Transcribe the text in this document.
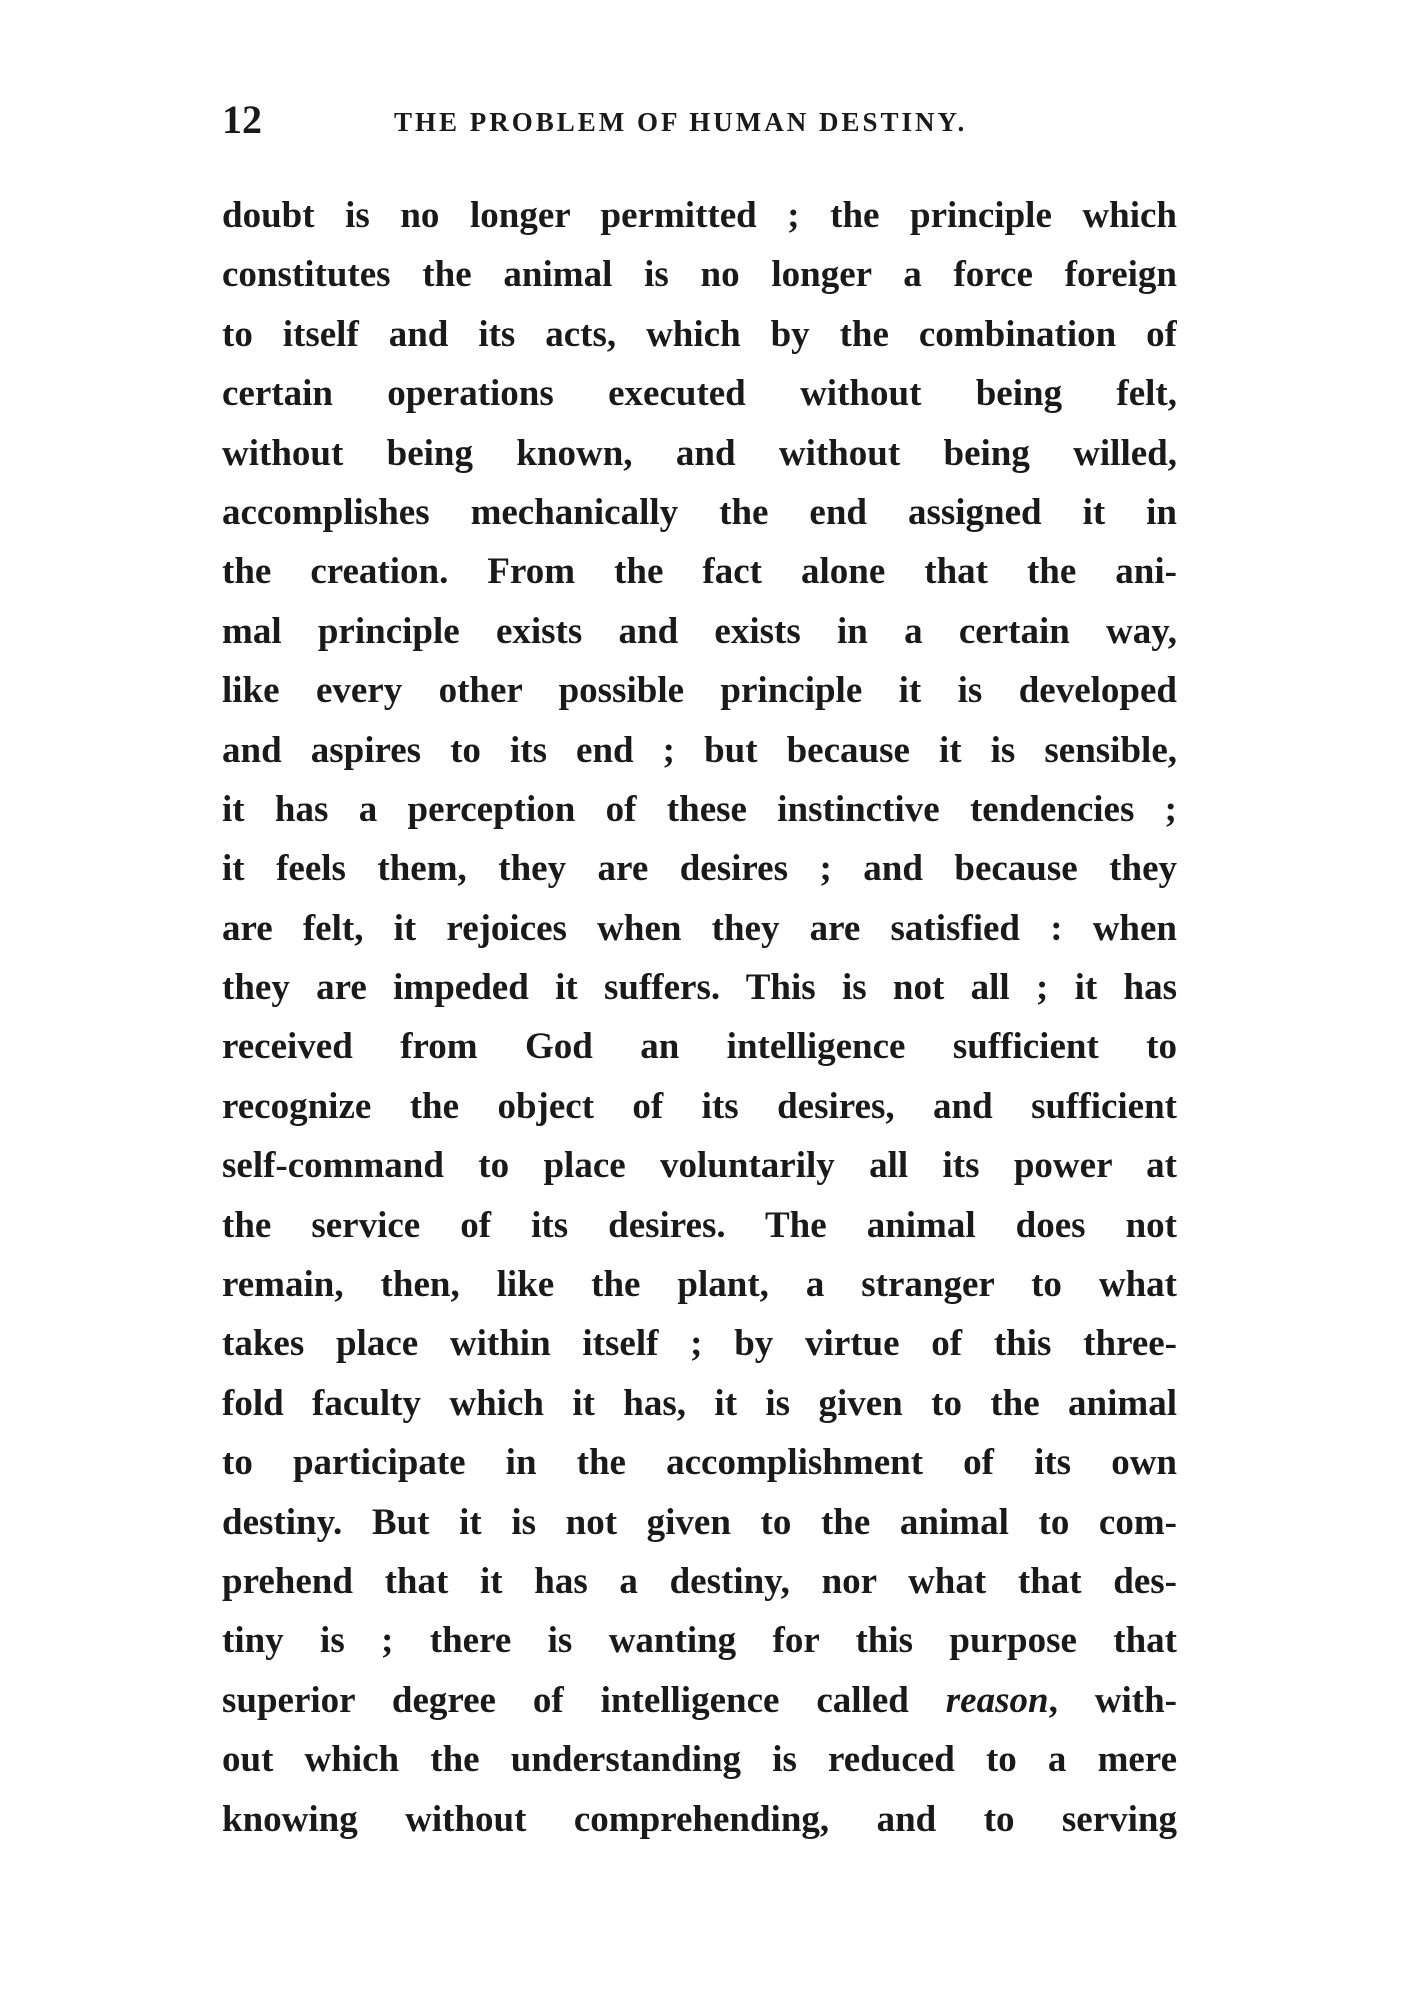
12	THE PROBLEM OF HUMAN DESTINY.
doubt is no longer permitted ; the principle which
constitutes the animal is no longer a force foreign
to itself and its acts, which by the combination of
certain operations executed without being felt,
without being known, and without being willed,
accomplishes mechanically the end assigned it in
the creation. From the fact alone that the ani-
mal principle exists and exists in a certain way,
like every other possible principle it is developed
and aspires to its end ; but because it is sensible,
it has a perception of these instinctive tendencies ;
it feels them, they are desires ; and because they
are felt, it rejoices when they are satisfied : when
they are impeded it suffers. This is not all ; it has
received from God an intelligence sufficient to
recognize the object of its desires, and sufficient
self-command to place voluntarily all its power at
the service of its desires. The animal does not
remain, then, like the plant, a stranger to what
takes place within itself ; by virtue of this three-
fold faculty which it has, it is given to the animal
to participate in the accomplishment of its own
destiny. But it is not given to the animal to com-
prehend that it has a destiny, nor what that des-
tiny is ; there is wanting for this purpose that
superior degree of intelligence called reason, with-
out which the understanding is reduced to a mere
knowing without comprehending, and to serving
